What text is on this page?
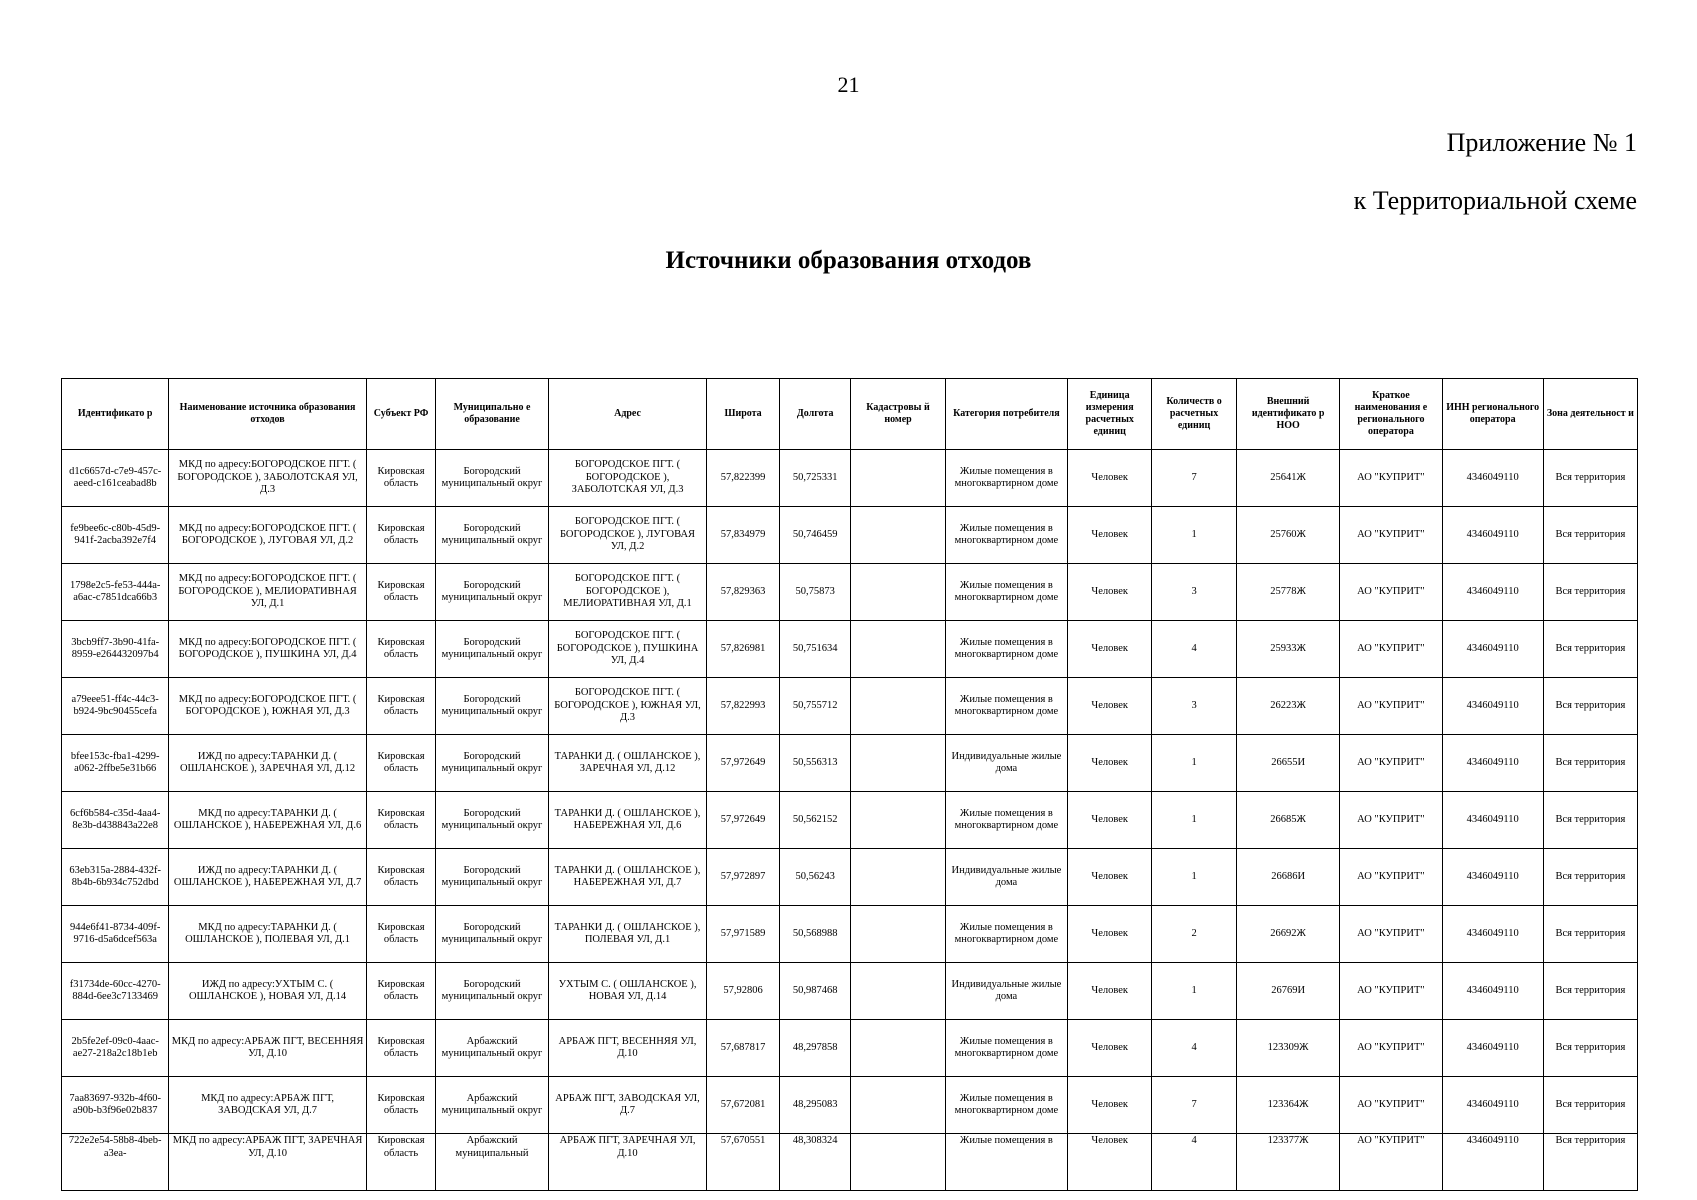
21
Приложение № 1
к Территориальной схеме
Источники образования отходов
Идентификато р	Наименование источника образования отходов	Субъект РФ	Муниципально е образование	Адрес	Широта	Долгота	Кадастровы й номер	Категория потребителя	Единица измерения расчетных единиц	Количеств о расчетных единиц	Внешний идентификато р НОО	Краткое наименования е регионального оператора	ИНН регионального оператора	Зона деятельност и
d1c6657d-c7e9-457c-aeed-c161ceabad8b	МКД по адресу:БОГОРОДСКОЕ ПГТ. ( БОГОРОДСКОЕ ), ЗАБОЛОТСКАЯ УЛ, Д.3	Кировская область	Богородский муниципальный округ	БОГОРОДСКОЕ ПГТ. ( БОГОРОДСКОЕ ), ЗАБОЛОТСКАЯ УЛ, Д.3	57,822399	50,725331		Жилые помещения в многоквартирном доме	Человек	7	25641Ж	АО "КУПРИТ"	4346049110	Вся территория
fe9bee6c-c80b-45d9-941f-2acba392e7f4	МКД по адресу:БОГОРОДСКОЕ ПГТ. ( БОГОРОДСКОЕ ), ЛУГОВАЯ УЛ, Д.2	Кировская область	Богородский муниципальный округ	БОГОРОДСКОЕ ПГТ. ( БОГОРОДСКОЕ ), ЛУГОВАЯ УЛ, Д.2	57,834979	50,746459		Жилые помещения в многоквартирном доме	Человек	1	25760Ж	АО "КУПРИТ"	4346049110	Вся территория
1798e2c5-fe53-444a-a6ac-c7851dca66b3	МКД по адресу:БОГОРОДСКОЕ ПГТ. ( БОГОРОДСКОЕ ), МЕЛИОРАТИВНАЯ УЛ, Д.1	Кировская область	Богородский муниципальный округ	БОГОРОДСКОЕ ПГТ. ( БОГОРОДСКОЕ ), МЕЛИОРАТИВНАЯ УЛ, Д.1	57,829363	50,75873		Жилые помещения в многоквартирном доме	Человек	3	25778Ж	АО "КУПРИТ"	4346049110	Вся территория
3bcb9ff7-3b90-41fa-8959-e264432097b4	МКД по адресу:БОГОРОДСКОЕ ПГТ. ( БОГОРОДСКОЕ ), ПУШКИНА УЛ, Д.4	Кировская область	Богородский муниципальный округ	БОГОРОДСКОЕ ПГТ. ( БОГОРОДСКОЕ ), ПУШКИНА УЛ, Д.4	57,826981	50,751634		Жилые помещения в многоквартирном доме	Человек	4	25933Ж	АО "КУПРИТ"	4346049110	Вся территория
a79eee51-ff4c-44c3-b924-9bc90455cefa	МКД по адресу:БОГОРОДСКОЕ ПГТ. ( БОГОРОДСКОЕ ), ЮЖНАЯ УЛ, Д.3	Кировская область	Богородский муниципальный округ	БОГОРОДСКОЕ ПГТ. ( БОГОРОДСКОЕ ), ЮЖНАЯ УЛ, Д.3	57,822993	50,755712		Жилые помещения в многоквартирном доме	Человек	3	26223Ж	АО "КУПРИТ"	4346049110	Вся территория
bfee153c-fba1-4299-a062-2ffbe5e31b66	ИЖД по адресу:ТАРАНКИ Д. ( ОШЛАНСКОЕ ), ЗАРЕЧНАЯ УЛ, Д.12	Кировская область	Богородский муниципальный округ	ТАРАНКИ Д. ( ОШЛАНСКОЕ ), ЗАРЕЧНАЯ УЛ, Д.12	57,972649	50,556313		Индивидуальные жилые дома	Человек	1	26655И	АО "КУПРИТ"	4346049110	Вся территория
6cf6b584-c35d-4aa4-8e3b-d438843a22e8	МКД по адресу:ТАРАНКИ Д. ( ОШЛАНСКОЕ ), НАБЕРЕЖНАЯ УЛ, Д.6	Кировская область	Богородский муниципальный округ	ТАРАНКИ Д. ( ОШЛАНСКОЕ ), НАБЕРЕЖНАЯ УЛ, Д.6	57,972649	50,562152		Жилые помещения в многоквартирном доме	Человек	1	26685Ж	АО "КУПРИТ"	4346049110	Вся территория
63eb315a-2884-432f-8b4b-6b934c752dbd	ИЖД по адресу:ТАРАНКИ Д. ( ОШЛАНСКОЕ ), НАБЕРЕЖНАЯ УЛ, Д.7	Кировская область	Богородский муниципальный округ	ТАРАНКИ Д. ( ОШЛАНСКОЕ ), НАБЕРЕЖНАЯ УЛ, Д.7	57,972897	50,56243		Индивидуальные жилые дома	Человек	1	26686И	АО "КУПРИТ"	4346049110	Вся территория
944e6f41-8734-409f-9716-d5a6dcef563a	МКД по адресу:ТАРАНКИ Д. ( ОШЛАНСКОЕ ), ПОЛЕВАЯ УЛ, Д.1	Кировская область	Богородский муниципальный округ	ТАРАНКИ Д. ( ОШЛАНСКОЕ ), ПОЛЕВАЯ УЛ, Д.1	57,971589	50,568988		Жилые помещения в многоквартирном доме	Человек	2	26692Ж	АО "КУПРИТ"	4346049110	Вся территория
f31734de-60cc-4270-884d-6ee3c7133469	ИЖД по адресу:УХТЫМ С. ( ОШЛАНСКОЕ ), НОВАЯ УЛ, Д.14	Кировская область	Богородский муниципальный округ	УХТЫМ С. ( ОШЛАНСКОЕ ), НОВАЯ УЛ, Д.14	57,92806	50,987468		Индивидуальные жилые дома	Человек	1	26769И	АО "КУПРИТ"	4346049110	Вся территория
2b5fe2ef-09c0-4aac-ae27-218a2c18b1eb	МКД по адресу:АРБАЖ ПГТ, ВЕСЕННЯЯ УЛ, Д.10	Кировская область	Арбажский муниципальный округ	АРБАЖ ПГТ, ВЕСЕННЯЯ УЛ, Д.10	57,687817	48,297858		Жилые помещения в многоквартирном доме	Человек	4	123309Ж	АО "КУПРИТ"	4346049110	Вся территория
7aa83697-932b-4f60-a90b-b3f96e02b837	МКД по адресу:АРБАЖ ПГТ, ЗАВОДСКАЯ УЛ, Д.7	Кировская область	Арбажский муниципальный округ	АРБАЖ ПГТ, ЗАВОДСКАЯ УЛ, Д.7	57,672081	48,295083		Жилые помещения в многоквартирном доме	Человек	7	123364Ж	АО "КУПРИТ"	4346049110	Вся территория
722e2e54-58b8-4beb-a3ea-	МКД по адресу:АРБАЖ ПГТ, ЗАРЕЧНАЯ УЛ, Д.10	Кировская область	Арбажский муниципальный	АРБАЖ ПГТ, ЗАРЕЧНАЯ УЛ, Д.10	57,670551	48,308324		Жилые помещения в	Человек	4	123377Ж	АО "КУПРИТ"	4346049110	Вся территория
